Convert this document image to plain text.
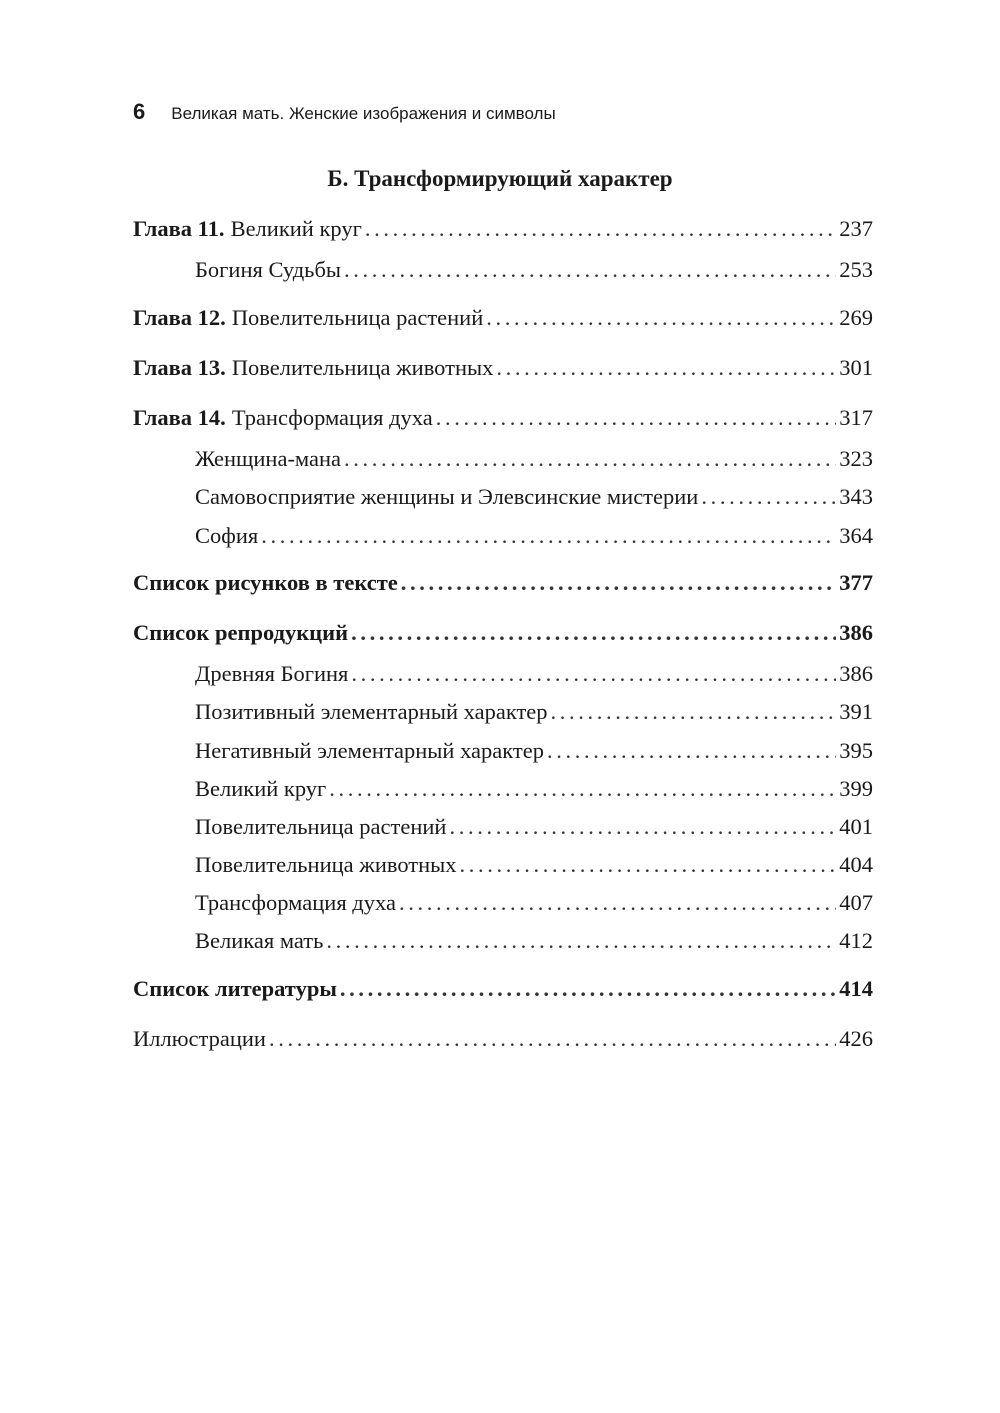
6 Великая мать. Женские изображения и символы
Б. Трансформирующий характер
Глава 11. Великий круг . . .	237
Богиня Судьбы . . .	253
Глава 12. Повелительница растений . . .	269
Глава 13. Повелительница животных . . .	301
Глава 14. Трансформация духа . . .	317
Женщина-мана . . .	323
Самовосприятие женщины и Элевсинские мистерии . . .	343
София . . .	364
Список рисунков в тексте . . .	377
Список репродукций . . .	386
Древняя Богиня . . .	386
Позитивный элементарный характер . . .	391
Негативный элементарный характер . . .	395
Великий круг . . .	399
Повелительница растений . . .	401
Повелительница животных . . .	404
Трансформация духа . . .	407
Великая мать . . .	412
Список литературы . . .	414
Иллюстрации . . .	426
